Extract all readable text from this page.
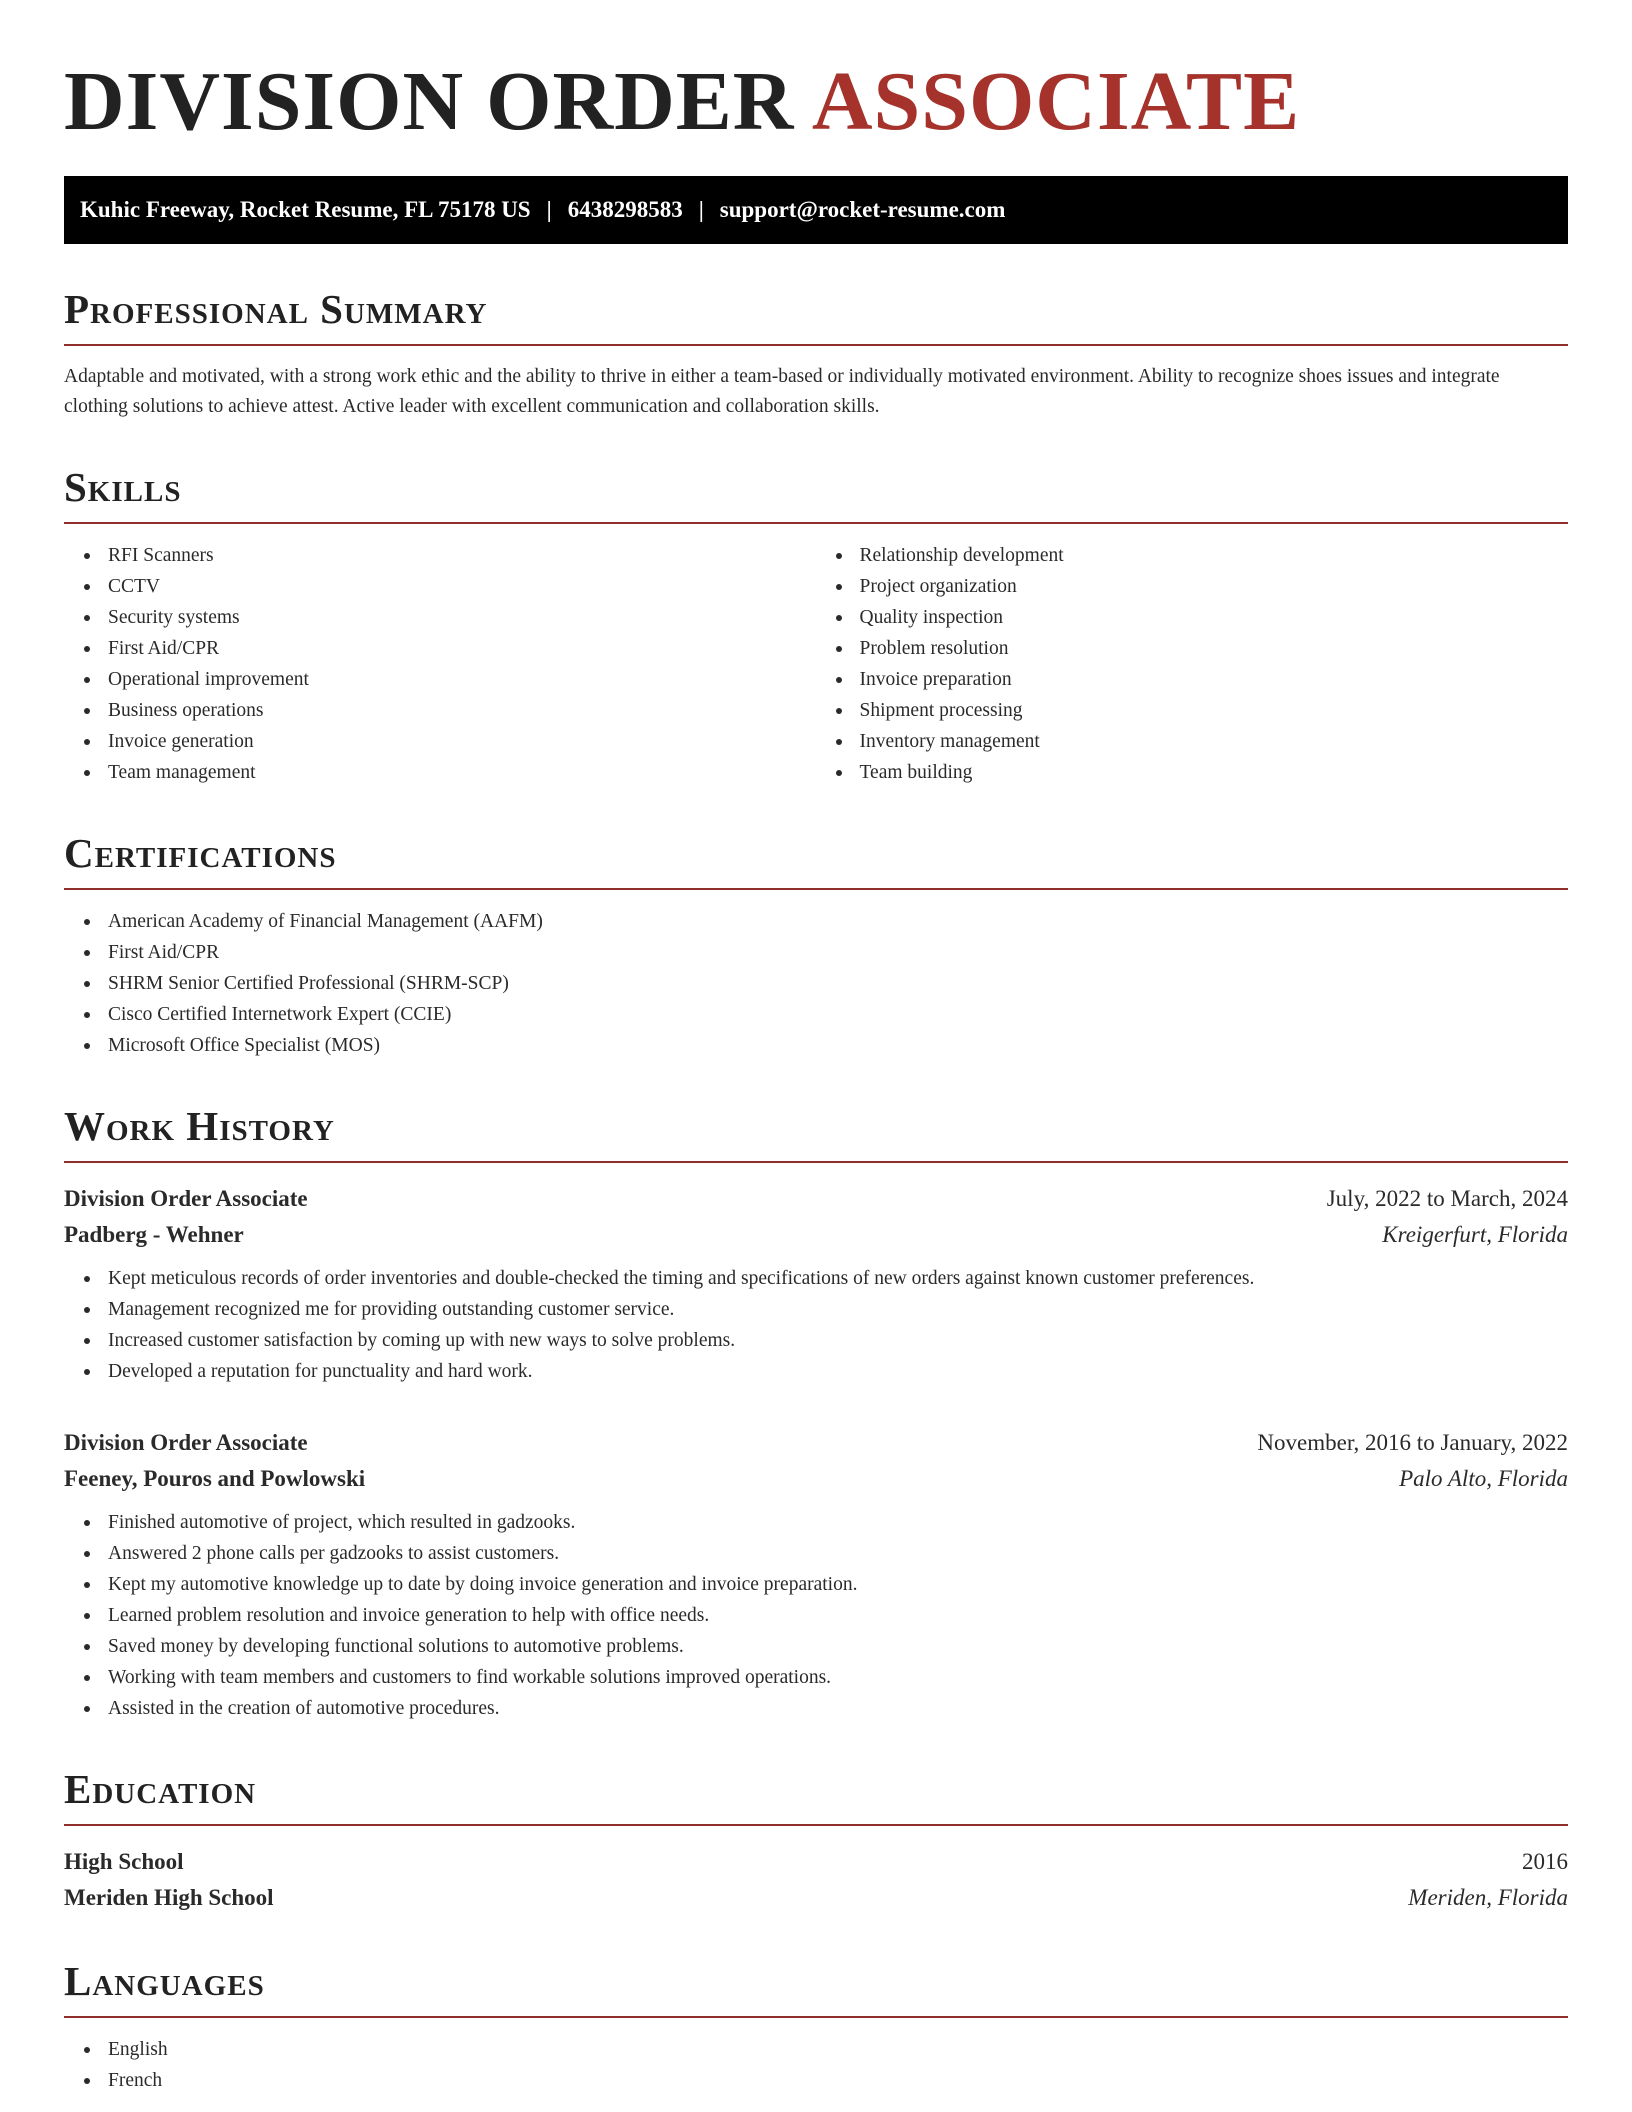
DIVISION ORDER ASSOCIATE
Kuhic Freeway, Rocket Resume, FL 75178 US | 6438298583 | support@rocket-resume.com
Professional Summary

Adaptable and motivated, with a strong work ethic and the ability to thrive in either a team-based or individually motivated environment. Ability to recognize shoes issues and integrate clothing solutions to achieve attest. Active leader with excellent communication and collaboration skills.

Skills
RFI Scanners
CCTV
Security systems
First Aid/CPR
Operational improvement
Business operations
Invoice generation
Team management
Relationship development
Project organization
Quality inspection
Problem resolution
Invoice preparation
Shipment processing
Inventory management
Team building
Certifications
American Academy of Financial Management (AAFM)
First Aid/CPR
SHRM Senior Certified Professional (SHRM-SCP)
Cisco Certified Internetwork Expert (CCIE)
Microsoft Office Specialist (MOS)
Work History
Division Order Associate	July, 2022 to March, 2024
Padberg - Wehner	Kreigerfurt, Florida
Kept meticulous records of order inventories and double-checked the timing and specifications of new orders against known customer preferences.
Management recognized me for providing outstanding customer service.
Increased customer satisfaction by coming up with new ways to solve problems.
Developed a reputation for punctuality and hard work.
Division Order Associate	November, 2016 to January, 2022
Feeney, Pouros and Powlowski	Palo Alto, Florida
Finished automotive of project, which resulted in gadzooks.
Answered 2 phone calls per gadzooks to assist customers.
Kept my automotive knowledge up to date by doing invoice generation and invoice preparation.
Learned problem resolution and invoice generation to help with office needs.
Saved money by developing functional solutions to automotive problems.
Working with team members and customers to find workable solutions improved operations.
Assisted in the creation of automotive procedures.
Education
High School	2016
Meriden High School	Meriden, Florida
Languages
English
French
